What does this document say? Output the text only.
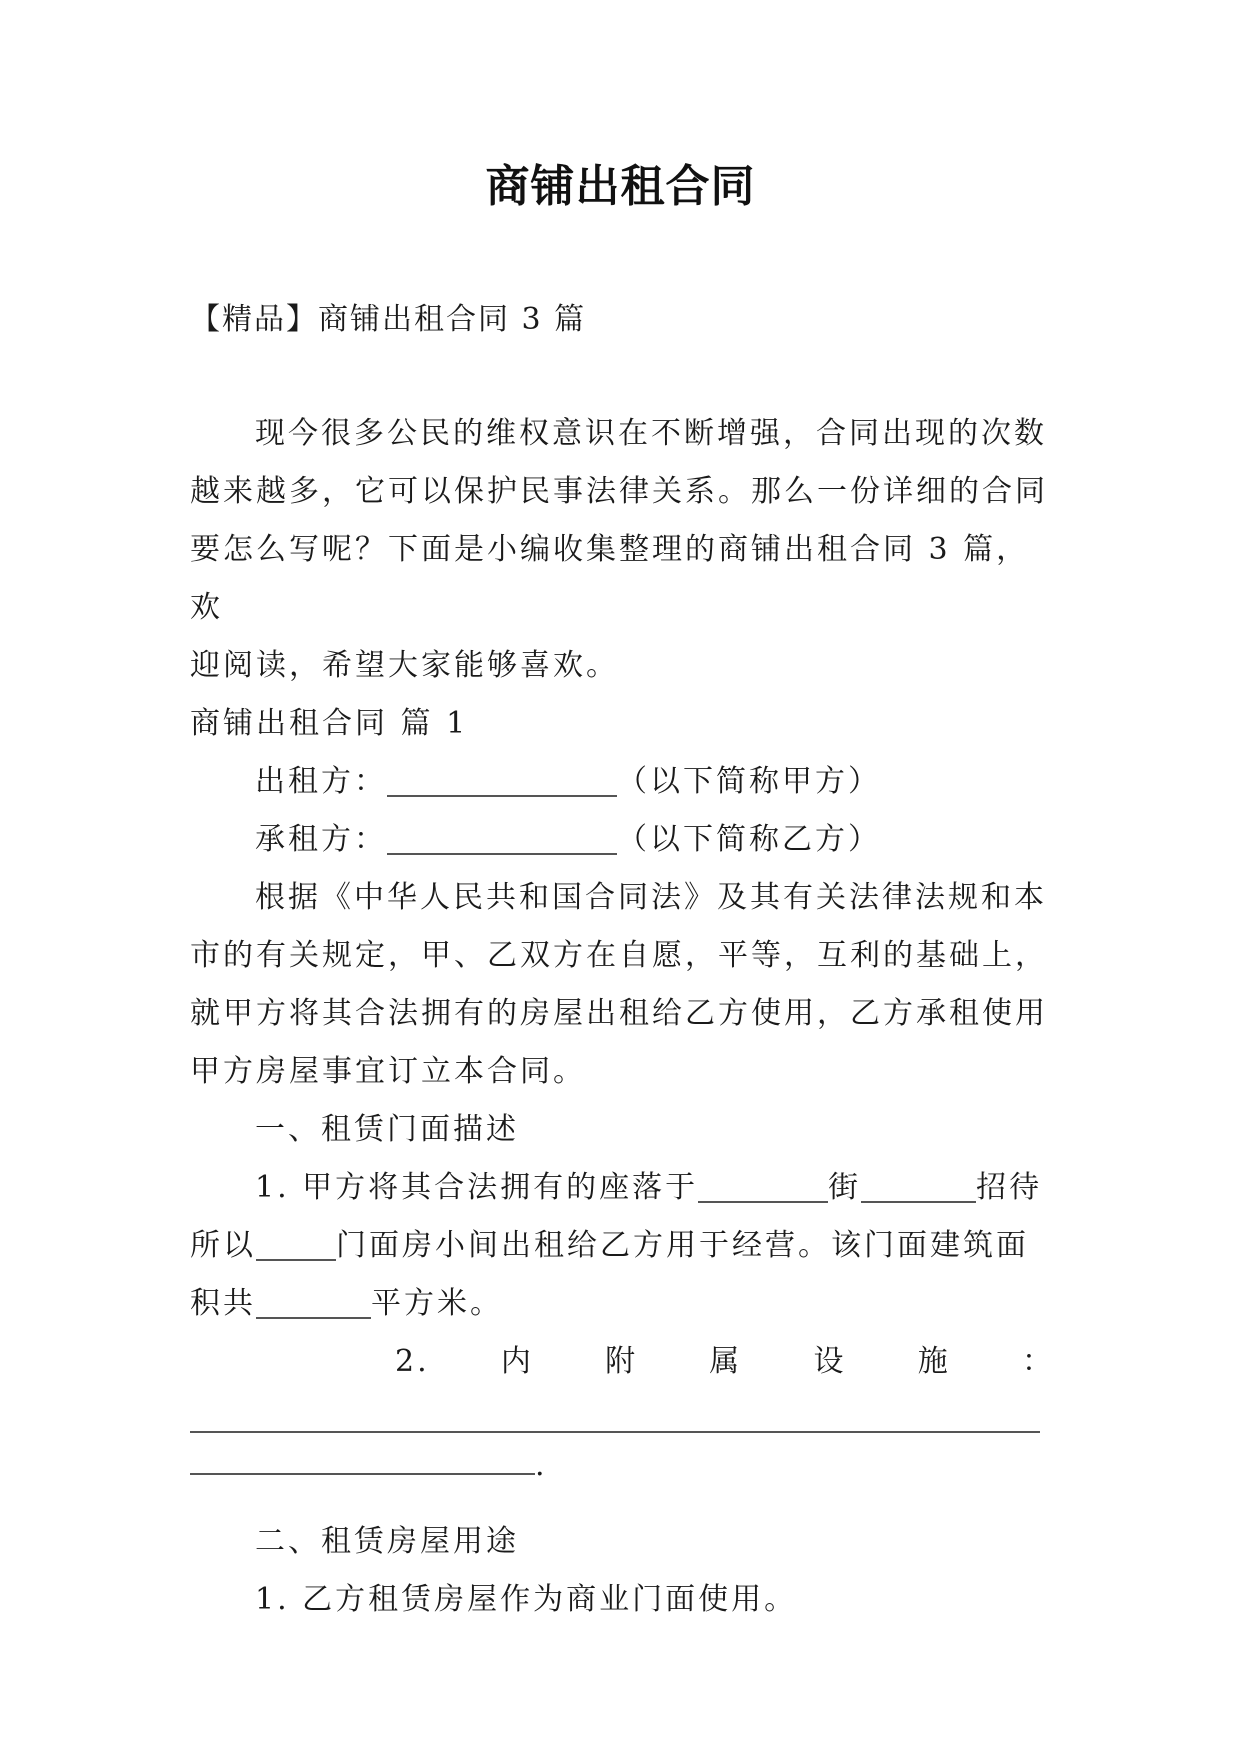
商铺出租合同
【精品】商铺出租合同 3 篇

现今很多公民的维权意识在不断增强，合同出现的次数

越来越多，它可以保护民事法律关系。那么一份详细的合同

要怎么写呢？下面是小编收集整理的商铺出租合同 3 篇，欢

迎阅读，希望大家能够喜欢。

商铺出租合同 篇 1

出租方：	（以下简称甲方）

承租方：	（以下简称乙方）

根据《中华人民共和国合同法》及其有关法律法规和本

市的有关规定，甲、乙双方在自愿，平等，互利的基础上，

就甲方将其合法拥有的房屋出租给乙方使用，乙方承租使用

甲方房屋事宜订立本合同。

一、租赁门面描述

1. 甲方将其合法拥有的座落于	街	招待

所以	门面房小间出租给乙方用于经营。该门面建筑面

积共	平方米。

2. 内 附 属 设 施 ：
.

二、租赁房屋用途

1. 乙方租赁房屋作为商业门面使用。
